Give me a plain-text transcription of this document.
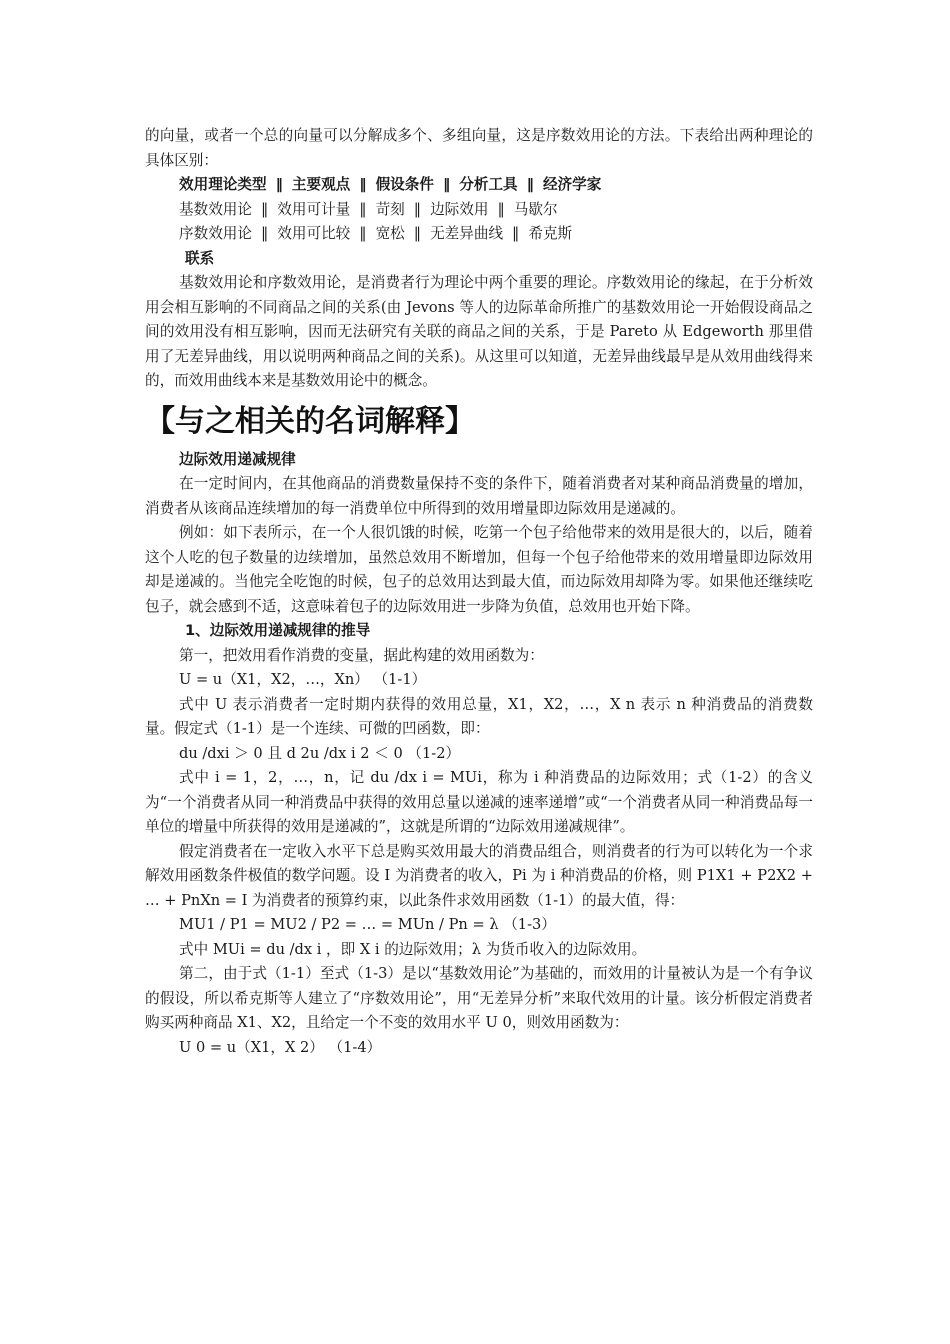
的向量，或者一个总的向量可以分解成多个、多组向量，这是序数效用论的方法。下表给出两种理论的具体区别：

效用理论类型 ‖ 主要观点 ‖ 假设条件 ‖ 分析工具 ‖ 经济学家
基数效用论 ‖ 效用可计量 ‖ 苛刻 ‖ 边际效用 ‖ 马歇尔
序数效用论 ‖ 效用可比较 ‖ 宽松 ‖ 无差异曲线 ‖ 希克斯

联系

基数效用论和序数效用论，是消费者行为理论中两个重要的理论。序数效用论的缘起，在于分析效用会相互影响的不同商品之间的关系(由 Jevons 等人的边际革命所推广的基数效用论一开始假设商品之间的效用没有相互影响，因而无法研究有关联的商品之间的关系，于是 Pareto 从 Edgeworth 那里借用了无差异曲线，用以说明两种商品之间的关系)。从这里可以知道，无差异曲线最早是从效用曲线得来的，而效用曲线本来是基数效用论中的概念。

【与之相关的名词解释】

边际效用递减规律

在一定时间内，在其他商品的消费数量保持不变的条件下，随着消费者对某种商品消费量的增加，消费者从该商品连续增加的每一消费单位中所得到的效用增量即边际效用是递减的。

例如：如下表所示，在一个人很饥饿的时候，吃第一个包子给他带来的效用是很大的，以后，随着这个人吃的包子数量的边续增加，虽然总效用不断增加，但每一个包子给他带来的效用增量即边际效用却是递减的。当他完全吃饱的时候，包子的总效用达到最大值，而边际效用却降为零。如果他还继续吃包子，就会感到不适，这意味着包子的边际效用进一步降为负值，总效用也开始下降。

1、边际效用递减规律的推导

第一，把效用看作消费的变量，据此构建的效用函数为：

U = u（X1，X2，…，Xn） （1-1）

式中 U 表示消费者一定时期内获得的效用总量，X1，X2，…，X n 表示 n 种消费品的消费数量。假定式（1-1）是一个连续、可微的凹函数，即：

du /dxi ＞ 0 且 d 2u /dx i 2 ＜ 0 （1-2）

式中 i = 1，2，…，n，记 du /dx i = MUi，称为 i 种消费品的边际效用；式（1-2）的含义为“一个消费者从同一种消费品中获得的效用总量以递减的速率递增”或“一个消费者从同一种消费品每一单位的增量中所获得的效用是递减的”，这就是所谓的“边际效用递减规律”。

假定消费者在一定收入水平下总是购买效用最大的消费品组合，则消费者的行为可以转化为一个求解效用函数条件极值的数学问题。设 I 为消费者的收入，Pi 为 i 种消费品的价格，则 P1X1 + P2X2 + … + PnXn = I 为消费者的预算约束，以此条件求效用函数（1-1）的最大值，得：

MU1 / P1 = MU2 / P2 = … = MUn / Pn = λ （1-3）

式中 MUi = du /dx i ，即 X i 的边际效用；λ 为货币收入的边际效用。

第二，由于式（1-1）至式（1-3）是以“基数效用论”为基础的，而效用的计量被认为是一个有争议的假设，所以希克斯等人建立了“序数效用论”，用“无差异分析”来取代效用的计量。该分析假定消费者购买两种商品 X1、X2，且给定一个不变的效用水平 U 0，则效用函数为：

U 0 = u（X1，X 2） （1-4）
